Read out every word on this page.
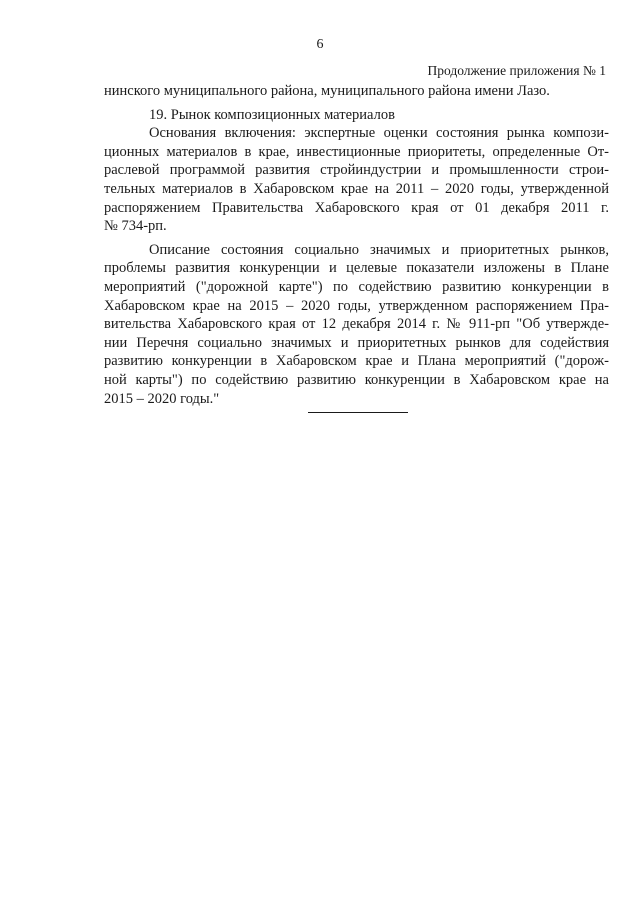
6
Продолжение приложения № 1
нинского муниципального района, муниципального района имени Лазо.
19. Рынок композиционных материалов
Основания включения: экспертные оценки состояния рынка компози-
ционных материалов в крае, инвестиционные приоритеты, определенные От-
раслевой программой развития стройиндустрии и промышленности строи-
тельных материалов в Хабаровском крае на 2011 – 2020 годы, утвержденной
распоряжением Правительства Хабаровского края от 01 декабря 2011 г.
№ 734-рп.
Описание состояния социально значимых и приоритетных рынков,
проблемы развития конкуренции и целевые показатели изложены в Плане
мероприятий ("дорожной карте") по содействию развитию конкуренции в
Хабаровском крае на 2015 – 2020 годы, утвержденном распоряжением Пра-
вительства Хабаровского края от 12 декабря 2014 г. № 911-рп "Об утвержде-
нии Перечня социально значимых и приоритетных рынков для содействия
развитию конкуренции в Хабаровском крае и Плана мероприятий ("дорож-
ной карты") по содействию развитию конкуренции в Хабаровском крае на
2015 – 2020 годы."
